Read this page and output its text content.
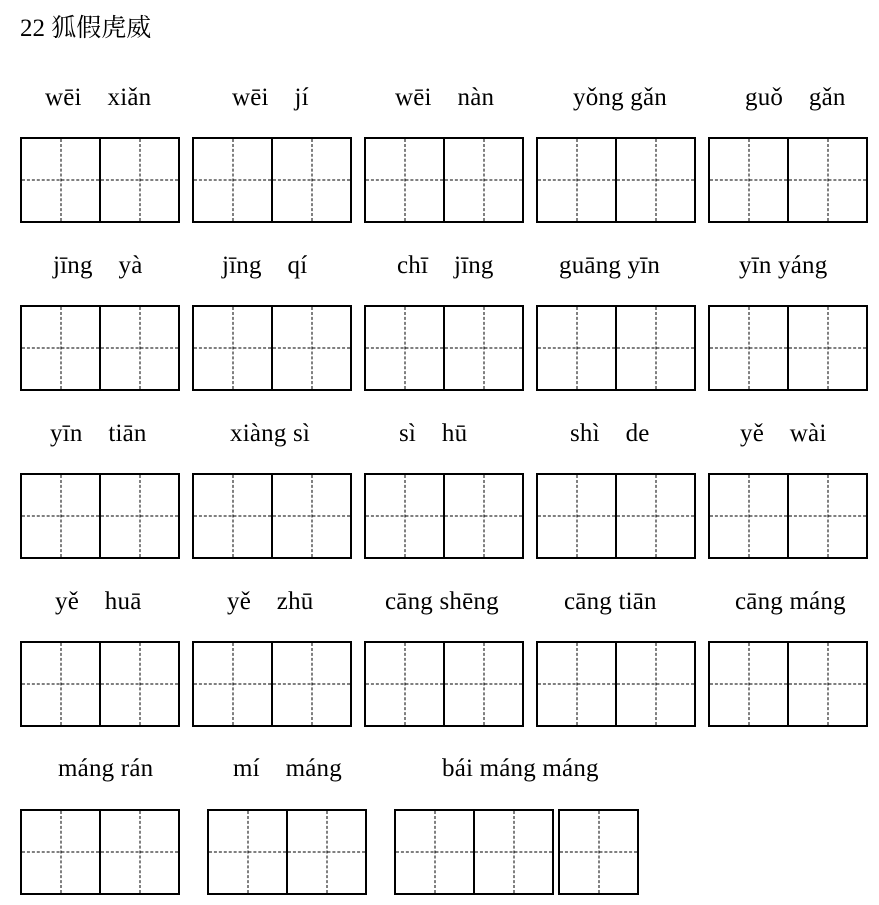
22 狐假虎威
wēi    xiǎn	wēi    jí	wēi    nàn	yǒng gǎn	guǒ    gǎn
jīng    yà	jīng    qí	chī    jīng	guāng yīn	yīn yáng
yīn    tiān	xiàng sì	sì    hū	shì    de	yě    wài
yě    huā	yě    zhū	cāng shēng	cāng tiān	cāng máng
máng rán	mí    máng	bái máng máng
